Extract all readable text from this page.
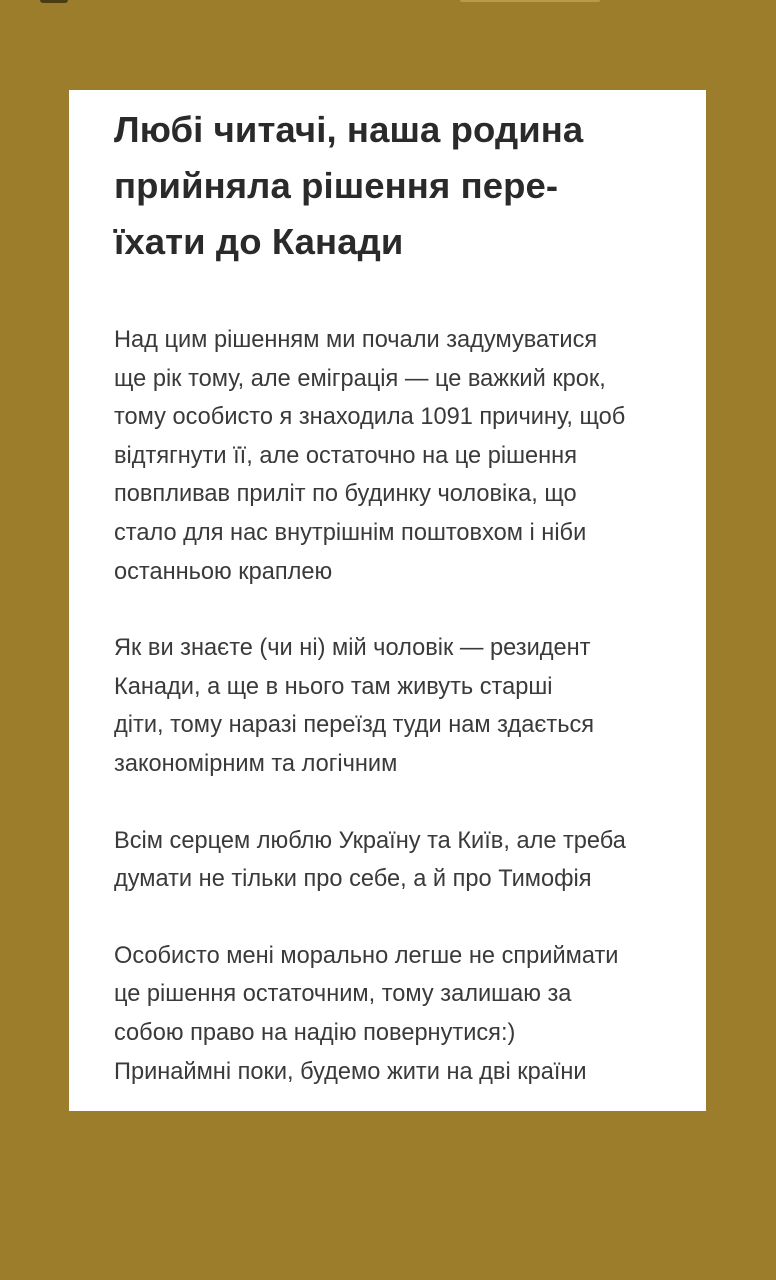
Любі читачі, наша родина
прийняла рішення пере-
їхати до Канади

Над цим рішенням ми почали задумуватися
ще рік тому, але еміграція — це важкий крок,
тому особисто я знаходила 1091 причину, щоб
відтягнути її, але остаточно на це рішення
повпливав приліт по будинку чоловіка, що
стало для нас внутрішнім поштовхом і ніби
останньою краплею

Як ви знаєте (чи ні) мій чоловік — резидент
Канади, а ще в нього там живуть старші
діти, тому наразі переїзд туди нам здається
закономірним та логічним

Всім серцем люблю Україну та Київ, але треба
думати не тільки про себе, а й про Тимофія

Особисто мені морально легше не сприймати
це рішення остаточним, тому залишаю за
собою право на надію повернутися:)
Принаймні поки, будемо жити на дві країни
